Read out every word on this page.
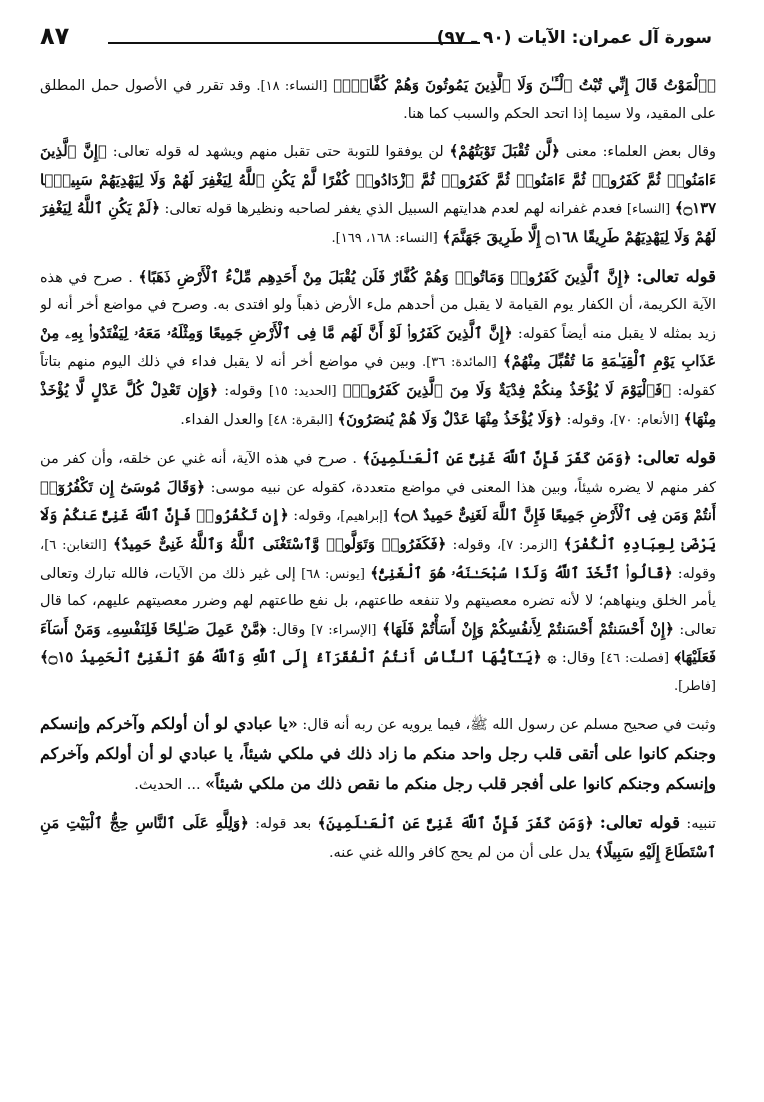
سورة آل عمران: الآيات (٩٠ ـ ٩٧)
٨٧

﴿ٱلْمَوْتُ قَالَ إِنِّي تُبْتُ ٱلْـَٔـٰنَ وَلَا ٱلَّذِينَ يَمُوتُونَ وَهُمْ كُفَّارٌۚ﴾ [النساء: ١٨]. وقد تقرر في الأصول حمل المطلق على المقيد، ولا سيما إذا اتحد الحكم والسبب كما هنا.

وقال بعض العلماء: معنى ﴿لَّن تُقْبَلَ تَوْبَتُهُمْ﴾ لن يوفقوا للتوبة حتى تقبل منهم ويشهد له قوله تعالى: ﴿إِنَّ ٱلَّذِينَ ءَامَنُوا۟ ثُمَّ كَفَرُوا۟ ثُمَّ ءَامَنُوا۟ ثُمَّ كَفَرُوا۟ ثُمَّ ٱزْدَادُوا۟ كُفْرًا لَّمْ يَكُنِ ٱللَّهُ لِيَغْفِرَ لَهُمْ وَلَا لِيَهْدِيَهُمْ سَبِيلًۢا ۝١٣٧﴾ [النساء] فعدم غفرانه لهم لعدم هدايتهم السبيل الذي يغفر لصاحبه ونظيرها قوله تعالى: ﴿لَمْ يَكُنِ ٱللَّهُ لِيَغْفِرَ لَهُمْ وَلَا لِيَهْدِيَهُمْ طَرِيقًا ۝١٦٨ إِلَّا طَرِيقَ جَهَنَّمَ﴾ [النساء: ١٦٨، ١٦٩].

قوله تعالى: ﴿إِنَّ ٱلَّذِينَ كَفَرُوا۟ وَمَاتُوا۟ وَهُمْ كُفَّارٌ فَلَن يُقْبَلَ مِنْ أَحَدِهِم مِّلْءُ ٱلْأَرْضِ ذَهَبًا﴾ . صرح في هذه الآية الكريمة، أن الكفار يوم القيامة لا يقبل من أحدهم ملء الأرض ذهباً ولو افتدى به. وصرح في مواضع أخر أنه لو زيد بمثله لا يقبل منه أيضاً كقوله: ﴿إِنَّ ٱلَّذِينَ كَفَرُوا۟ لَوْ أَنَّ لَهُم مَّا فِى ٱلْأَرْضِ جَمِيعًا وَمِثْلَهُۥ مَعَهُۥ لِيَفْتَدُوا۟ بِهِۦ مِنْ عَذَابِ يَوْمِ ٱلْقِيَـٰمَةِ مَا تُقُبِّلَ مِنْهُمْ﴾ [المائدة: ٣٦]. وبين في مواضع أخر أنه لا يقبل فداء في ذلك اليوم منهم بتاتاً كقوله: ﴿فَٱلْيَوْمَ لَا يُؤْخَذُ مِنكُمْ فِدْيَةٌ وَلَا مِنَ ٱلَّذِينَ كَفَرُوا۟﴾ [الحديد: ١٥] وقوله: ﴿وَإِن تَعْدِلْ كُلَّ عَدْلٍ لَّا يُؤْخَذْ مِنْهَا﴾ [الأنعام: ٧٠]، وقوله: ﴿وَلَا يُؤْخَذُ مِنْهَا عَدْلٌ وَلَا هُمْ يُنصَرُونَ﴾ [البقرة: ٤٨] والعدل الفداء.

قوله تعالى: ﴿وَمَن كَفَرَ فَإِنَّ ٱللَّهَ غَنِىٌّ عَنِ ٱلْعَـٰلَمِينَ﴾ . صرح في هذه الآية، أنه غني عن خلقه، وأن كفر من كفر منهم لا يضره شيئاً، وبين هذا المعنى في مواضع متعددة، كقوله عن نبيه موسى: ﴿وَقَالَ مُوسَىٰٓ إِن تَكْفُرُوٓا۟ أَنتُمْ وَمَن فِى ٱلْأَرْضِ جَمِيعًا فَإِنَّ ٱللَّهَ لَغَنِىٌّ حَمِيدٌ ۝٨﴾ [إبراهيم]، وقوله: ﴿إِن تَكْفُرُوا۟ فَإِنَّ ٱللَّهَ غَنِىٌّ عَنكُمْ وَلَا يَرْضَىٰ لِعِبَادِهِ ٱلْكُفْرَ﴾ [الزمر: ٧]، وقوله: ﴿فَكَفَرُوا۟ وَتَوَلَّوا۟ وَّٱسْتَغْنَى ٱللَّهُ وَٱللَّهُ غَنِىٌّ حَمِيدٌ﴾ [التغابن: ٦]، وقوله: ﴿قَالُوا۟ ٱتَّخَذَ ٱللَّهُ وَلَدًا سُبْحَـٰنَهُۥ هُوَ ٱلْغَنِىُّ﴾ [يونس: ٦٨] إلى غير ذلك من الآيات، فالله تبارك وتعالى يأمر الخلق وينهاهم؛ لا لأنه تضره معصيتهم ولا تنفعه طاعتهم، بل نفع طاعتهم لهم وضرر معصيتهم عليهم، كما قال تعالى: ﴿إِنْ أَحْسَنتُمْ أَحْسَنتُمْ لِأَنفُسِكُمْ وَإِنْ أَسَأْتُمْ فَلَهَا﴾ [الإسراء: ٧] وقال: ﴿مَّنْ عَمِلَ صَـٰلِحًا فَلِنَفْسِهِۦ وَمَنْ أَسَآءَ فَعَلَيْهَا﴾ [فصلت: ٤٦] وقال: ۞ ﴿يَـٰٓأَيُّهَا ٱلنَّاسُ أَنتُمُ ٱلْفُقَرَآءُ إِلَى ٱللَّهِ وَٱللَّهُ هُوَ ٱلْغَنِىُّ ٱلْحَمِيدُ ۝١٥﴾ [فاطر].

وثبت في صحيح مسلم عن رسول الله ﷺ، فيما يرويه عن ربه أنه قال: «يا عبادي لو أن أولكم وآخركم وإنسكم وجنكم كانوا على أتقى قلب رجل واحد منكم ما زاد ذلك في ملكي شيئاً، يا عبادي لو أن أولكم وآخركم وإنسكم وجنكم كانوا على أفجر قلب رجل منكم ما نقص ذلك من ملكي شيئاً» ... الحديث.

تنبيه: قوله تعالى: ﴿وَمَن كَفَرَ فَإِنَّ ٱللَّهَ غَنِىٌّ عَنِ ٱلْعَـٰلَمِينَ﴾ بعد قوله: ﴿وَلِلَّهِ عَلَى ٱلنَّاسِ حِجُّ ٱلْبَيْتِ مَنِ ٱسْتَطَاعَ إِلَيْهِ سَبِيلًا﴾ يدل على أن من لم يحج كافر والله غني عنه.
